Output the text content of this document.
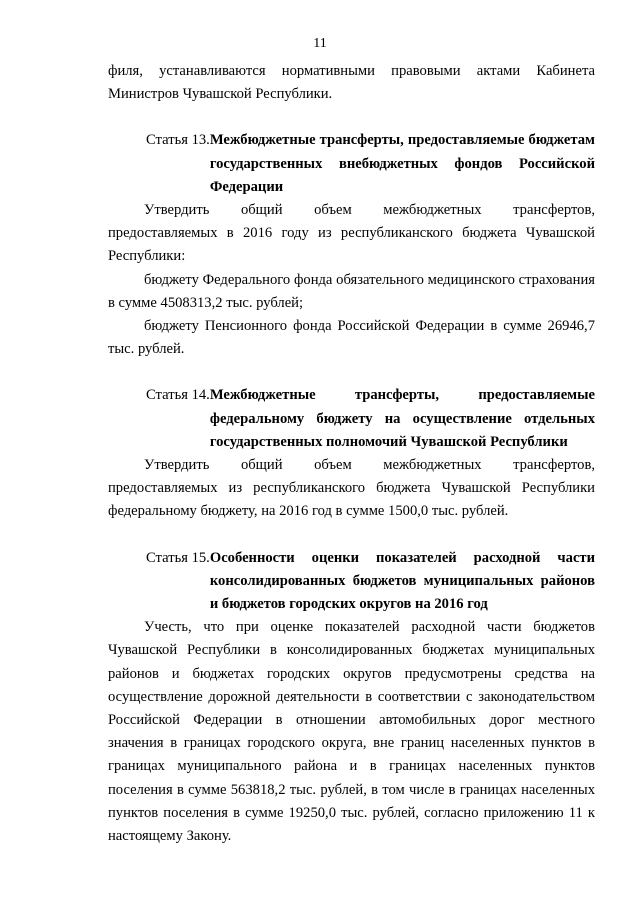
11

филя, устанавливаются нормативными правовыми актами Кабинета Министров Чувашской Республики.

Статья 13. Межбюджетные трансферты, предоставляемые бюджетам государственных внебюджетных фондов Российской Федерации

Утвердить общий объем межбюджетных трансфертов, предоставляемых в 2016 году из республиканского бюджета Чувашской Республики:

бюджету Федерального фонда обязательного медицинского страхования в сумме 4508313,2 тыс. рублей;

бюджету Пенсионного фонда Российской Федерации в сумме 26946,7 тыс. рублей.

Статья 14. Межбюджетные трансферты, предоставляемые федеральному бюджету на осуществление отдельных государственных полномочий Чувашской Республики

Утвердить общий объем межбюджетных трансфертов, предоставляемых из республиканского бюджета Чувашской Республики федеральному бюджету, на 2016 год в сумме 1500,0 тыс. рублей.

Статья 15. Особенности оценки показателей расходной части консолидированных бюджетов муниципальных районов и бюджетов городских округов на 2016 год

Учесть, что при оценке показателей расходной части бюджетов Чувашской Республики в консолидированных бюджетах муниципальных районов и бюджетах городских округов предусмотрены средства на осуществление дорожной деятельности в соответствии с законодательством Российской Федерации в отношении автомобильных дорог местного значения в границах городского округа, вне границ населенных пунктов в границах муниципального района и в границах населенных пунктов поселения в сумме 563818,2 тыс. рублей, в том числе в границах населенных пунктов поселения в сумме 19250,0 тыс. рублей, согласно приложению 11 к настоящему Закону.
